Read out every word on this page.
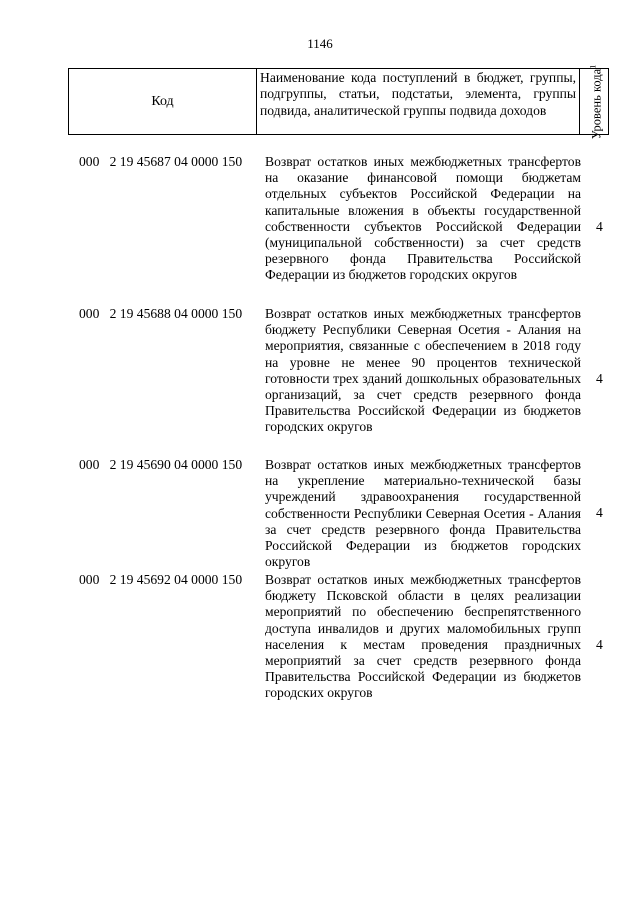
1146
Код
Наименование кода поступлений в бюджет, группы, подгруппы, статьи, подстатьи, элемента, группы подвида, аналитической группы подвида доходов	Уровень кода$^1$
000 2 19 45687 04 0000 150 Возврат остатков иных межбюджетных трансфертов на оказание финансовой помощи бюджетам отдельных субъектов Российской Федерации на капитальные вложения в объекты государственной собственности субъектов Российской Федерации (муниципальной собственности) за счет средств резервного фонда Правительства Российской Федерации из бюджетов городских округов
4
000 2 19 45688 04 0000 150 Возврат остатков иных межбюджетных трансфертов бюджету Республики Северная Осетия - Алания на мероприятия, связанные с обеспечением в 2018 году на уровне не менее 90 процентов технической готовности трех зданий дошкольных образовательных организаций, за счет средств резервного фонда Правительства Российской Федерации из бюджетов городских округов
4
000 2 19 45690 04 0000 150 Возврат остатков иных межбюджетных трансфертов на укрепление материально-технической базы учреждений здравоохранения государственной собственности Республики Северная Осетия - Алания за счет средств резервного фонда Правительства Российской Федерации из бюджетов городских округов
4
000 2 19 45692 04 0000 150 Возврат остатков иных межбюджетных трансфертов бюджету Псковской области в целях реализации мероприятий по обеспечению беспрепятственного доступа инвалидов и других маломобильных групп населения к местам проведения праздничных мероприятий за счет средств резервного фонда Правительства Российской Федерации из бюджетов городских округов
4
